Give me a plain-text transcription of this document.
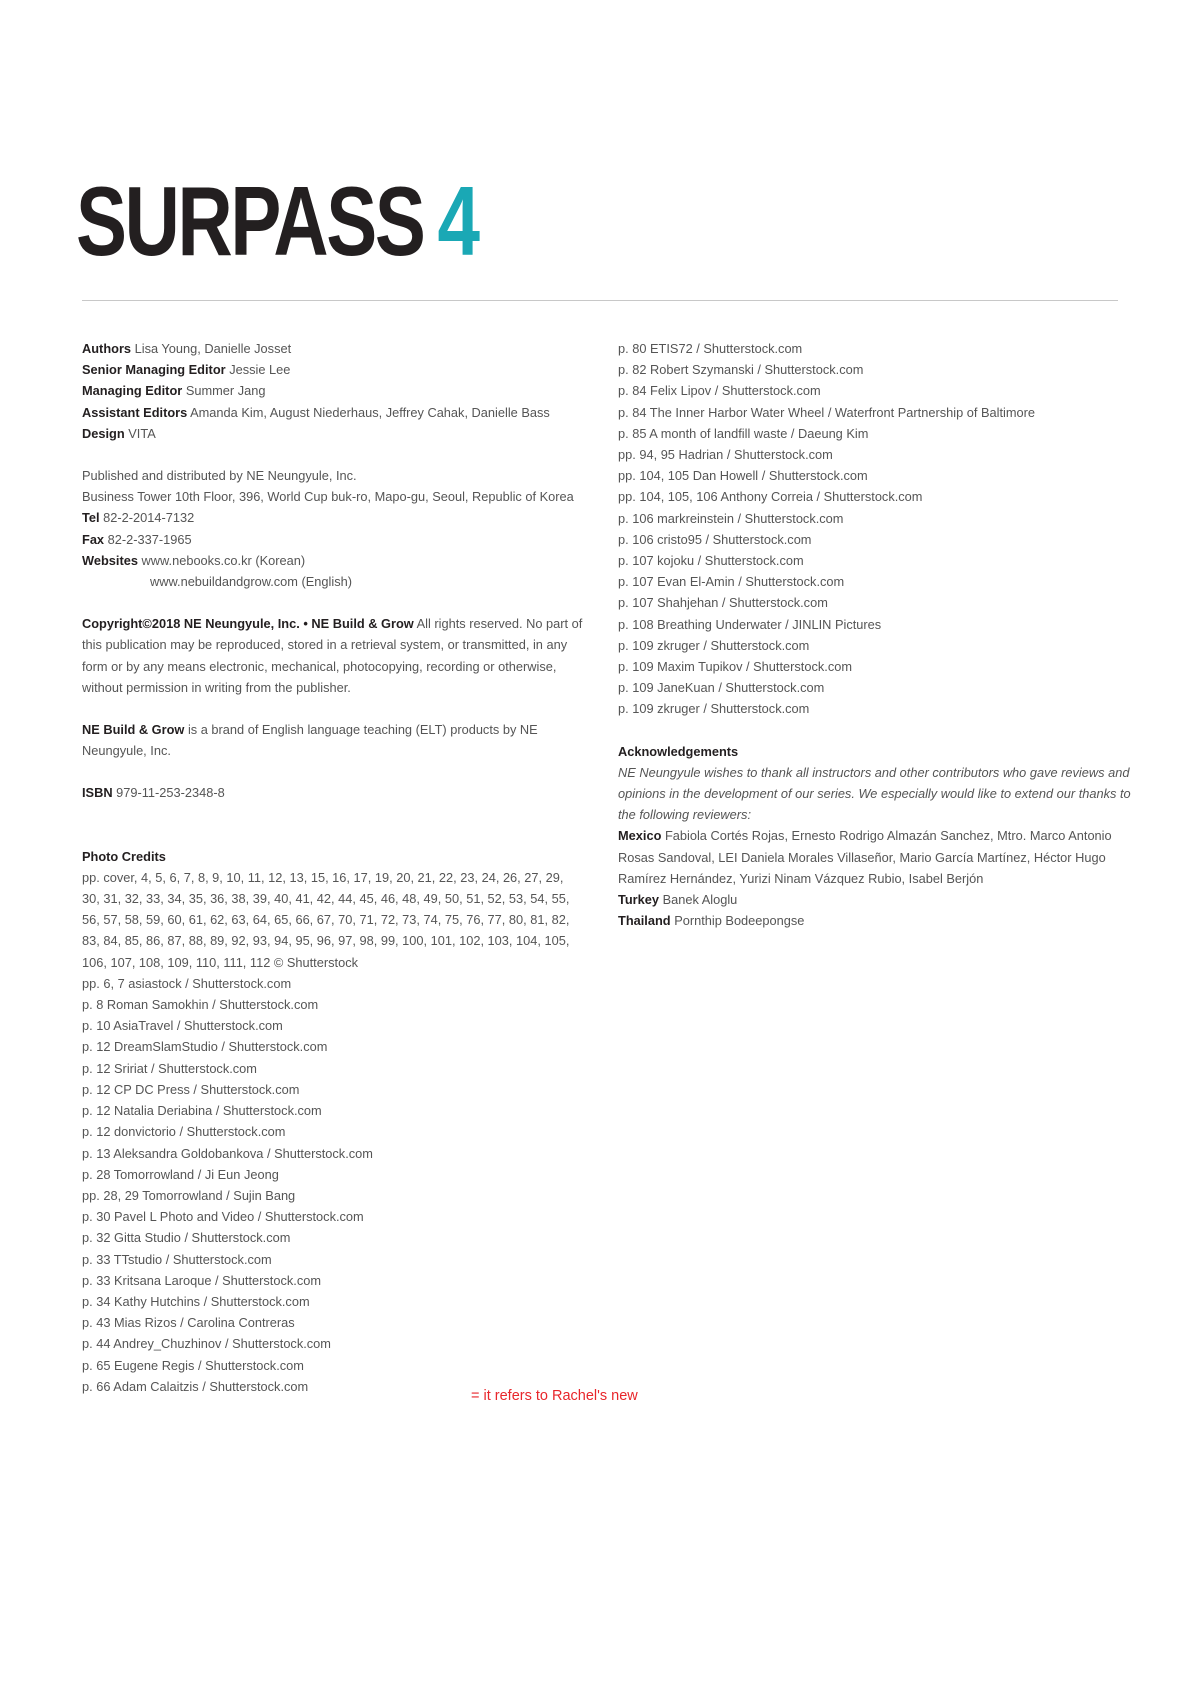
SURPASS 4
Authors Lisa Young, Danielle Josset
Senior Managing Editor Jessie Lee
Managing Editor Summer Jang
Assistant Editors Amanda Kim, August Niederhaus, Jeffrey Cahak, Danielle Bass
Design VITA
Published and distributed by NE Neungyule, Inc.
Business Tower 10th Floor, 396, World Cup buk-ro, Mapo-gu, Seoul, Republic of Korea
Tel 82-2-2014-7132
Fax 82-2-337-1965
Websites www.nebooks.co.kr (Korean)
www.nebuildandgrow.com (English)
Copyright©2018 NE Neungyule, Inc. • NE Build & Grow All rights reserved. No part of this publication may be reproduced, stored in a retrieval system, or transmitted, in any form or by any means electronic, mechanical, photocopying, recording or otherwise, without permission in writing from the publisher.
NE Build & Grow is a brand of English language teaching (ELT) products by NE Neungyule, Inc.
ISBN 979-11-253-2348-8
Photo Credits
pp. cover, 4, 5, 6, 7, 8, 9, 10, 11, 12, 13, 15, 16, 17, 19, 20, 21, 22, 23, 24, 26, 27, 29,
30, 31, 32, 33, 34, 35, 36, 38, 39, 40, 41, 42, 44, 45, 46, 48, 49, 50, 51, 52, 53, 54, 55,
56, 57, 58, 59, 60, 61, 62, 63, 64, 65, 66, 67, 70, 71, 72, 73, 74, 75, 76, 77, 80, 81, 82,
83, 84, 85, 86, 87, 88, 89, 92, 93, 94, 95, 96, 97, 98, 99, 100, 101, 102, 103, 104, 105,
106, 107, 108, 109, 110, 111, 112 © Shutterstock
pp. 6, 7 asiastock / Shutterstock.com
p. 8 Roman Samokhin / Shutterstock.com
p. 10 AsiaTravel / Shutterstock.com
p. 12 DreamSlamStudio / Shutterstock.com
p. 12 Sririat / Shutterstock.com
p. 12 CP DC Press / Shutterstock.com
p. 12 Natalia Deriabina / Shutterstock.com
p. 12 donvictorio / Shutterstock.com
p. 13 Aleksandra Goldobankova / Shutterstock.com
p. 28 Tomorrowland / Ji Eun Jeong
pp. 28, 29 Tomorrowland / Sujin Bang
p. 30 Pavel L Photo and Video / Shutterstock.com
p. 32 Gitta Studio / Shutterstock.com
p. 33 TTstudio / Shutterstock.com
p. 33 Kritsana Laroque / Shutterstock.com
p. 34 Kathy Hutchins / Shutterstock.com
p. 43 Mias Rizos / Carolina Contreras
p. 44 Andrey_Chuzhinov / Shutterstock.com
p. 65 Eugene Regis / Shutterstock.com
p. 66 Adam Calaitzis / Shutterstock.com
p. 80 ETIS72 / Shutterstock.com
p. 82 Robert Szymanski / Shutterstock.com
p. 84 Felix Lipov / Shutterstock.com
p. 84 The Inner Harbor Water Wheel / Waterfront Partnership of Baltimore
p. 85 A month of landfill waste / Daeung Kim
pp. 94, 95 Hadrian / Shutterstock.com
pp. 104, 105 Dan Howell / Shutterstock.com
pp. 104, 105, 106 Anthony Correia / Shutterstock.com
p. 106 markreinstein / Shutterstock.com
p. 106 cristo95 / Shutterstock.com
p. 107 kojoku / Shutterstock.com
p. 107 Evan El-Amin / Shutterstock.com
p. 107 Shahjehan / Shutterstock.com
p. 108 Breathing Underwater / JINLIN Pictures
p. 109 zkruger / Shutterstock.com
p. 109 Maxim Tupikov / Shutterstock.com
p. 109 JaneKuan / Shutterstock.com
p. 109 zkruger / Shutterstock.com
Acknowledgements
NE Neungyule wishes to thank all instructors and other contributors who gave reviews and opinions in the development of our series. We especially would like to extend our thanks to the following reviewers:
Mexico Fabiola Cortés Rojas, Ernesto Rodrigo Almazán Sanchez, Mtro. Marco Antonio Rosas Sandoval, LEI Daniela Morales Villaseñor, Mario García Martínez, Héctor Hugo Ramírez Hernández, Yurizi Ninam Vázquez Rubio, Isabel Berjón
Turkey Banek Aloglu
Thailand Pornthip Bodeepongse
= it refers to Rachel's new
